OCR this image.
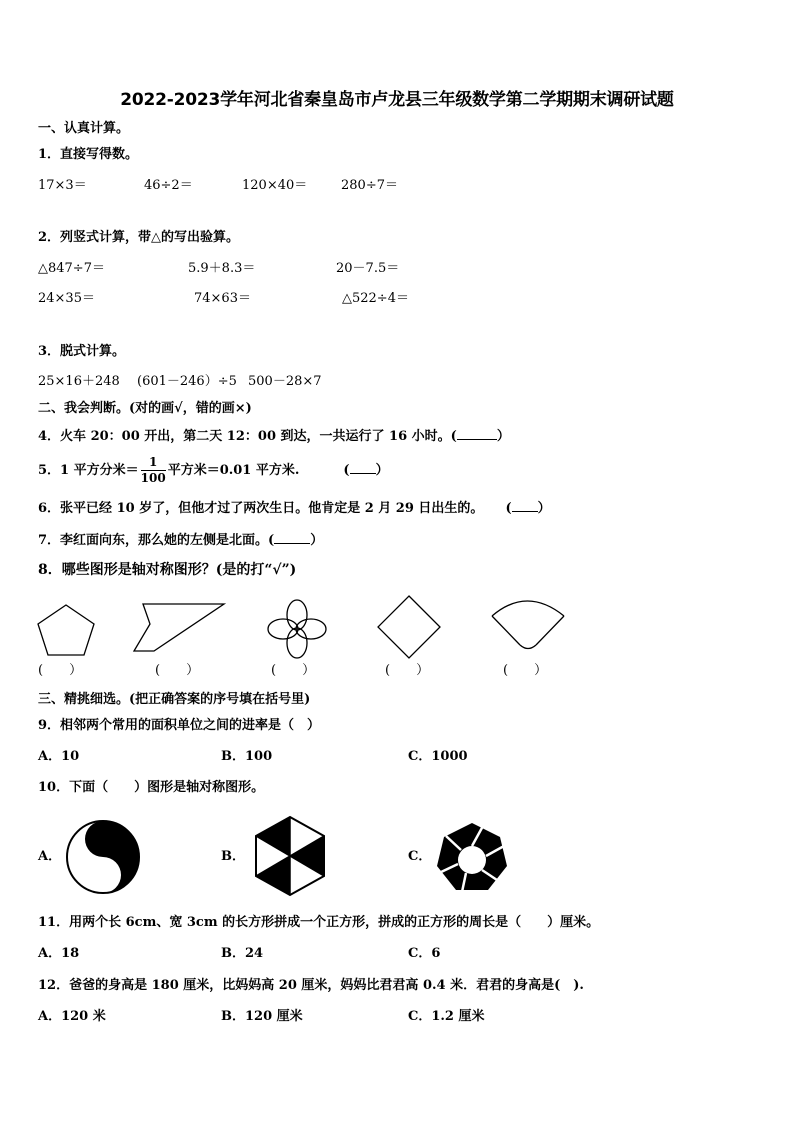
2022-2023学年河北省秦皇岛市卢龙县三年级数学第二学期期末调研试题
一、认真计算。
1．直接写得数。
17×3＝	46÷2＝	120×40＝	280÷7＝
2．列竖式计算，带△的写出验算。
△847÷7＝	5.9＋8.3＝	20－7.5＝
24×35＝	74×63＝	△522÷4＝
3．脱式计算。
25×16＋248 (601－246）÷5 500－28×7
二、我会判断。(对的画√，错的画×)
4．火车 20：00 开出，第二天 12：00 到达，一共运行了 16 小时。(	）
5．1 平方分米＝ $\frac{1}{100}$ 平方米＝0.01 平方米.	( ）
6．张平已经 10 岁了，但他才过了两次生日。他肯定是 2 月 29 日出生的。 ( ）
7．李红面向东，那么她的左侧是北面。(	）
8．哪些图形是轴对称图形？(是的打“√”)
(　　）	(　　）	(　　）	(　　）	(　　）
三、精挑细选。(把正确答案的序号填在括号里)
9．相邻两个常用的面积单位之间的进率是（　）
A．10	B．100	C．1000
10．下面（　　）图形是轴对称图形。
A．	B．	C．
11．用两个长 6cm、宽 3cm 的长方形拼成一个正方形，拼成的正方形的周长是（　　）厘米。
A．18	B．24	C．6
12．爸爸的身高是 180 厘米，比妈妈高 20 厘米，妈妈比君君高 0.4 米．君君的身高是(　).
A．120 米	B．120 厘米	C．1.2 厘米
